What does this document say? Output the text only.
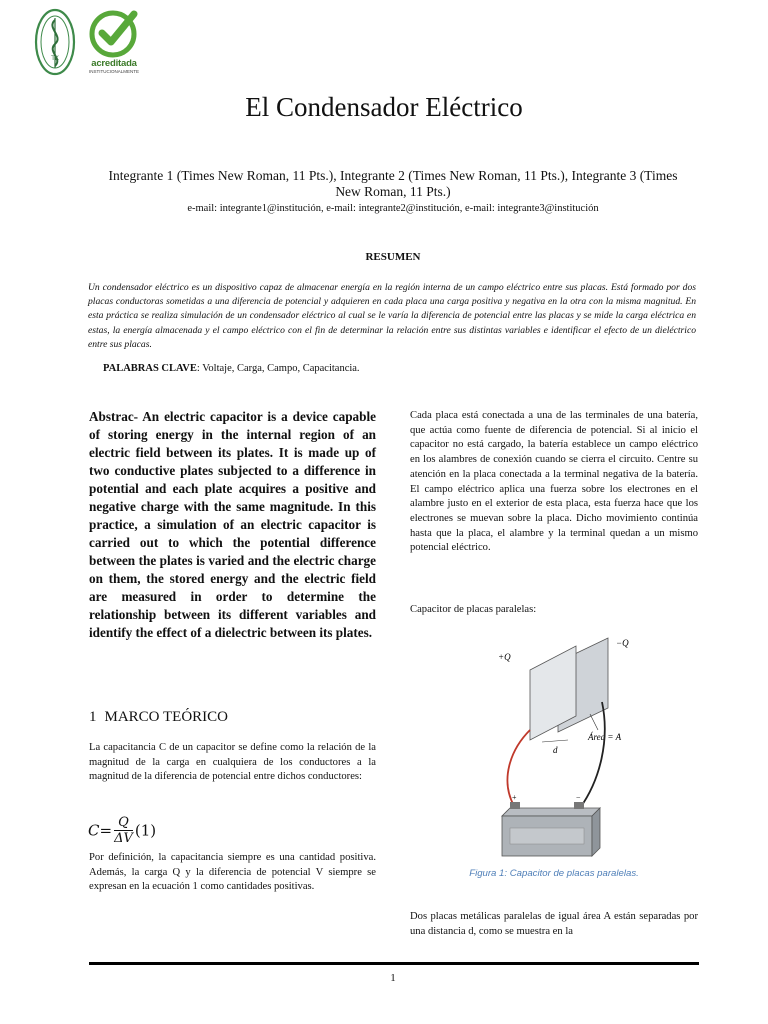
TK	acreditada
INSTITUCIONALMENTE
El Condensador Eléctrico
Integrante 1 (Times New Roman, 11 Pts.), Integrante 2 (Times New Roman, 11 Pts.), Integrante 3 (Times New Roman, 11 Pts.)
e-mail: integrante1@institución, e-mail: integrante2@institución, e-mail: integrante3@institución
RESUMEN
Un condensador eléctrico es un dispositivo capaz de almacenar energía en la región interna de un campo eléctrico entre sus placas. Está formado por dos placas conductoras sometidas a una diferencia de potencial y adquieren en cada placa una carga positiva y negativa en la otra con la misma magnitud. En esta práctica se realiza simulación de un condensador eléctrico al cual se le varía la diferencia de potencial entre las placas y se mide la carga eléctrica en estas, la energía almacenada y el campo eléctrico con el fin de determinar la relación entre sus distintas variables e identificar el efecto de un dieléctrico entre sus placas.
PALABRAS CLAVE: Voltaje, Carga, Campo, Capacitancia.
Abstrac- An electric capacitor is a device capable of storing energy in the internal region of an electric field between its plates. It is made up of two conductive plates subjected to a difference in potential and each plate acquires a positive and negative charge with the same magnitude. In this practice, a simulation of an electric capacitor is carried out to which the potential difference between the plates is varied and the electric charge on them, the stored energy and the electric field are measured in order to determine the relationship between its different variables and identify the effect of a dielectric between its plates.
1 MARCO TEÓRICO
La capacitancia C de un capacitor se define como la relación de la magnitud de la carga en cualquiera de los conductores a la magnitud de la diferencia de potencial entre dichos conductores:
$C= \frac{Q}{\Delta V} (1)$
Por definición, la capacitancia siempre es una cantidad positiva. Además, la carga Q y la diferencia de potencial V siempre se expresan en la ecuación 1 como cantidades positivas.
Cada placa está conectada a una de las terminales de una batería, que actúa como fuente de diferencia de potencial. Si al inicio el capacitor no está cargado, la batería establece un campo eléctrico en los alambres de conexión cuando se cierra el circuito. Centre su atención en la placa conectada a la terminal negativa de la batería. El campo eléctrico aplica una fuerza sobre los electrones en el alambre justo en el exterior de esta placa, esta fuerza hace que los electrones se muevan sobre la placa. Dicho movimiento continúa hasta que la placa, el alambre y la terminal quedan a un mismo potencial eléctrico.
Capacitor de placas paralelas:
+Q
−Q
d
Área = A
+	−
Figura 1: Capacitor de placas paralelas.
Dos placas metálicas paralelas de igual área A están separadas por una distancia d, como se muestra en la
1
